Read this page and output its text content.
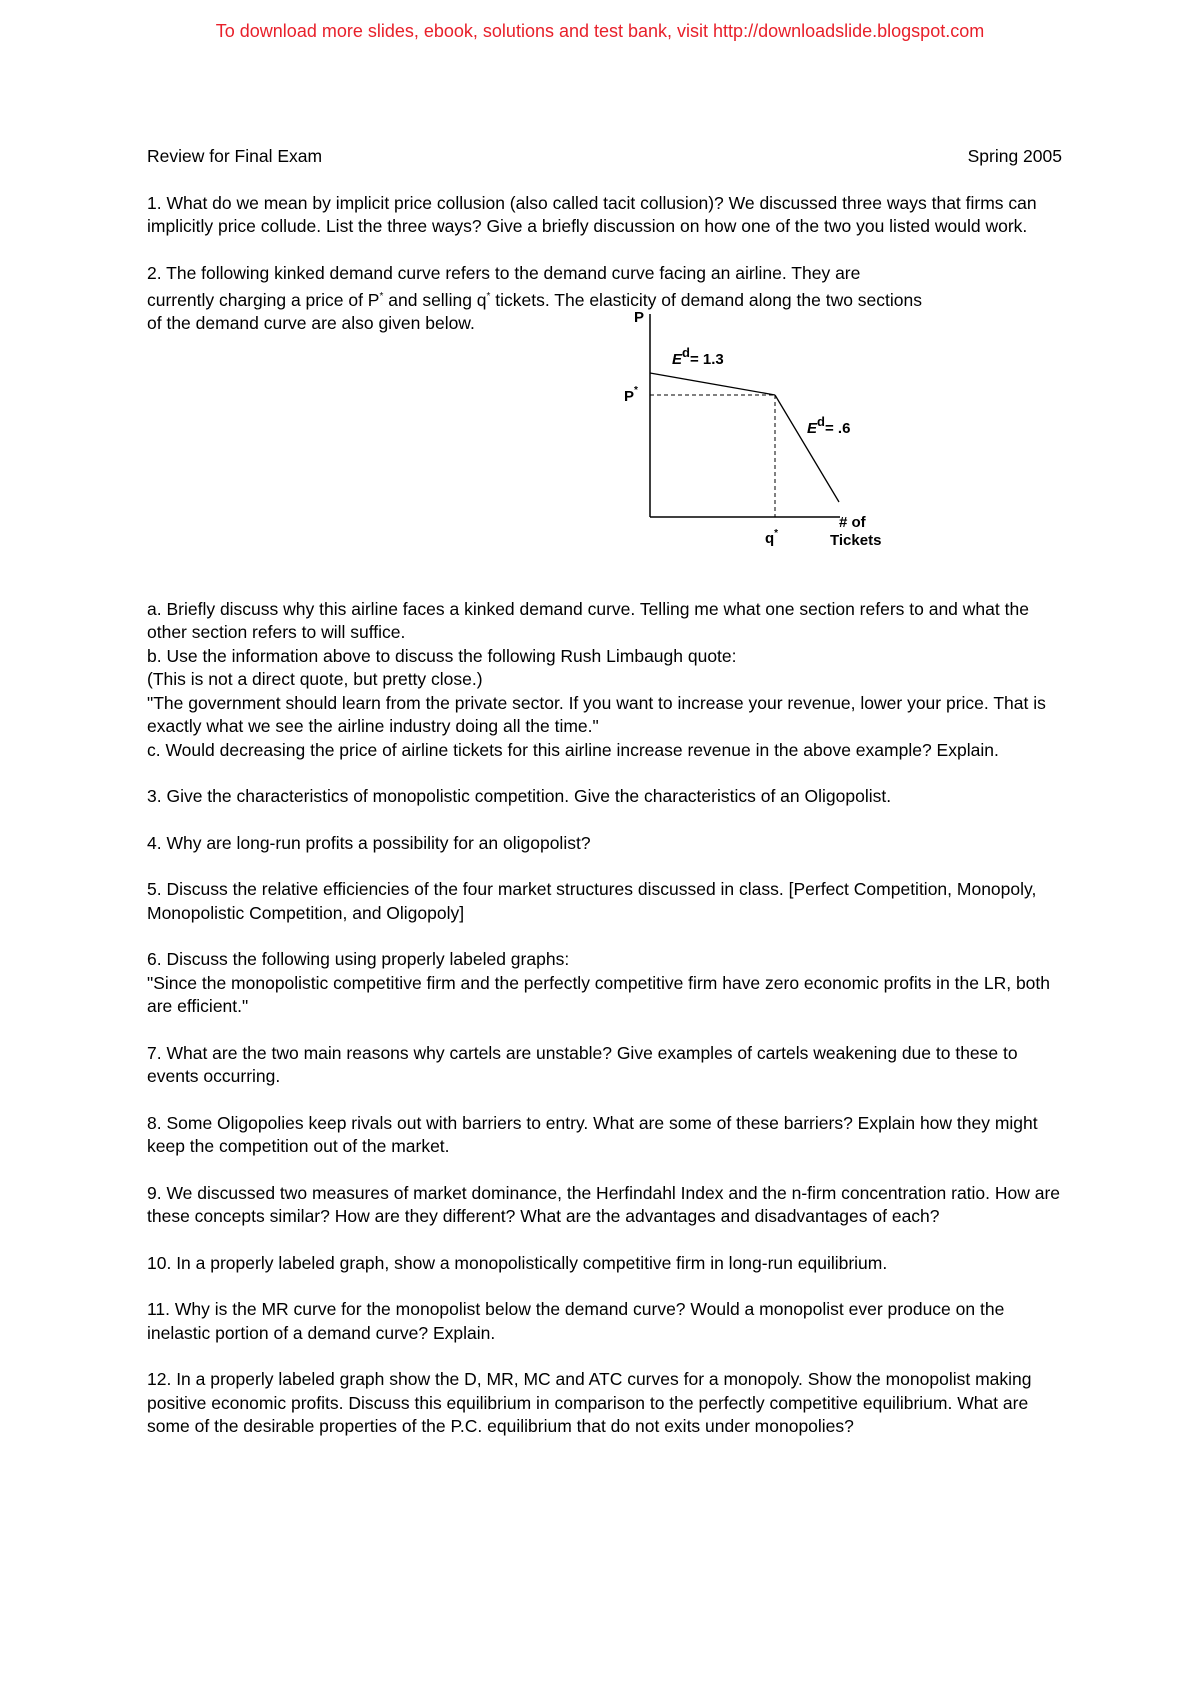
To download more slides, ebook, solutions and test bank, visit http://downloadslide.blogspot.com
Review for Final Exam	Spring 2005

1. What do we mean by implicit price collusion (also called tacit collusion)? We discussed three ways that firms can implicitly price collude. List the three ways? Give a briefly discussion on how one of the two you listed would work.

2. The following kinked demand curve refers to the demand curve facing an airline. They are

currently charging a price of P* and selling q* tickets. The elasticity of demand along the two sections

of the demand curve are also given below.	P
P*
q*
Ed= 1.3
Ed= .6
# of
Tickets

a. Briefly discuss why this airline faces a kinked demand curve. Telling me what one section refers to and what the other section refers to will suffice.

b. Use the information above to discuss the following Rush Limbaugh quote:

(This is not a direct quote, but pretty close.)

"The government should learn from the private sector. If you want to increase your revenue, lower your price. That is exactly what we see the airline industry doing all the time."

c. Would decreasing the price of airline tickets for this airline increase revenue in the above example? Explain.

3. Give the characteristics of monopolistic competition. Give the characteristics of an Oligopolist.

4. Why are long-run profits a possibility for an oligopolist?

5. Discuss the relative efficiencies of the four market structures discussed in class. [Perfect Competition, Monopoly, Monopolistic Competition, and Oligopoly]

6. Discuss the following using properly labeled graphs:

"Since the monopolistic competitive firm and the perfectly competitive firm have zero economic profits in the LR, both are efficient."

7. What are the two main reasons why cartels are unstable? Give examples of cartels weakening due to these to events occurring.

8. Some Oligopolies keep rivals out with barriers to entry. What are some of these barriers? Explain how they might keep the competition out of the market.

9. We discussed two measures of market dominance, the Herfindahl Index and the n-firm concentration ratio. How are these concepts similar? How are they different? What are the advantages and disadvantages of each?

10. In a properly labeled graph, show a monopolistically competitive firm in long-run equilibrium.

11. Why is the MR curve for the monopolist below the demand curve? Would a monopolist ever produce on the inelastic portion of a demand curve? Explain.

12. In a properly labeled graph show the D, MR, MC and ATC curves for a monopoly. Show the monopolist making positive economic profits. Discuss this equilibrium in comparison to the perfectly competitive equilibrium. What are some of the desirable properties of the P.C. equilibrium that do not exits under monopolies?
